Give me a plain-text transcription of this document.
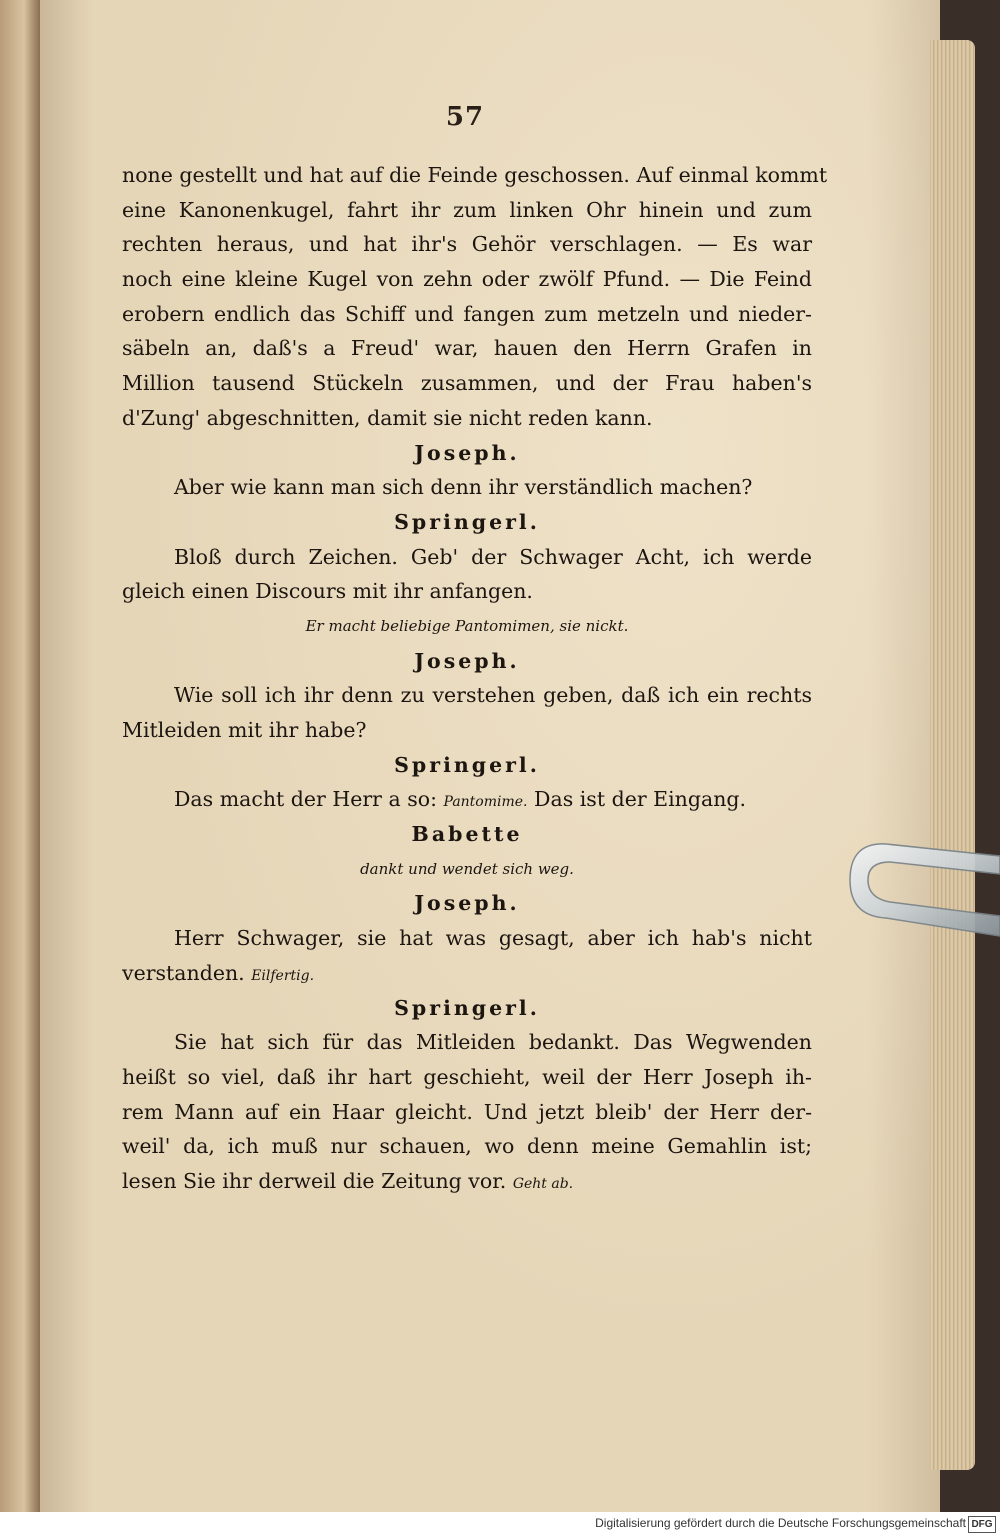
57
none gestellt und hat auf die Feinde geschossen. Auf einmal kommt
eine Kanonenkugel, fahrt ihr zum linken Ohr hinein und zum
rechten heraus, und hat ihr's Gehör verschlagen. — Es war
noch eine kleine Kugel von zehn oder zwölf Pfund. — Die Feind
erobern endlich das Schiff und fangen zum metzeln und nieder-
säbeln an, daß's a Freud' war, hauen den Herrn Grafen in
Million tausend Stückeln zusammen, und der Frau haben's
d'Zung' abgeschnitten, damit sie nicht reden kann.
Joseph.
Aber wie kann man sich denn ihr verständlich machen?
Springerl.
Bloß durch Zeichen. Geb' der Schwager Acht, ich werde
gleich einen Discours mit ihr anfangen.
Er macht beliebige Pantomimen, sie nickt.
Joseph.
Wie soll ich ihr denn zu verstehen geben, daß ich ein rechts
Mitleiden mit ihr habe?
Springerl.
Das macht der Herr a so: Pantomime. Das ist der Eingang.
Babette
dankt und wendet sich weg.
Joseph.
Herr Schwager, sie hat was gesagt, aber ich hab's nicht
verstanden. Eilfertig.
Springerl.
Sie hat sich für das Mitleiden bedankt. Das Wegwenden
heißt so viel, daß ihr hart geschieht, weil der Herr Joseph ih-
rem Mann auf ein Haar gleicht. Und jetzt bleib' der Herr der-
weil' da, ich muß nur schauen, wo denn meine Gemahlin ist;
lesen Sie ihr derweil die Zeitung vor. Geht ab.
Digitalisierung gefördert durch die Deutsche Forschungsgemeinschaft DFG
